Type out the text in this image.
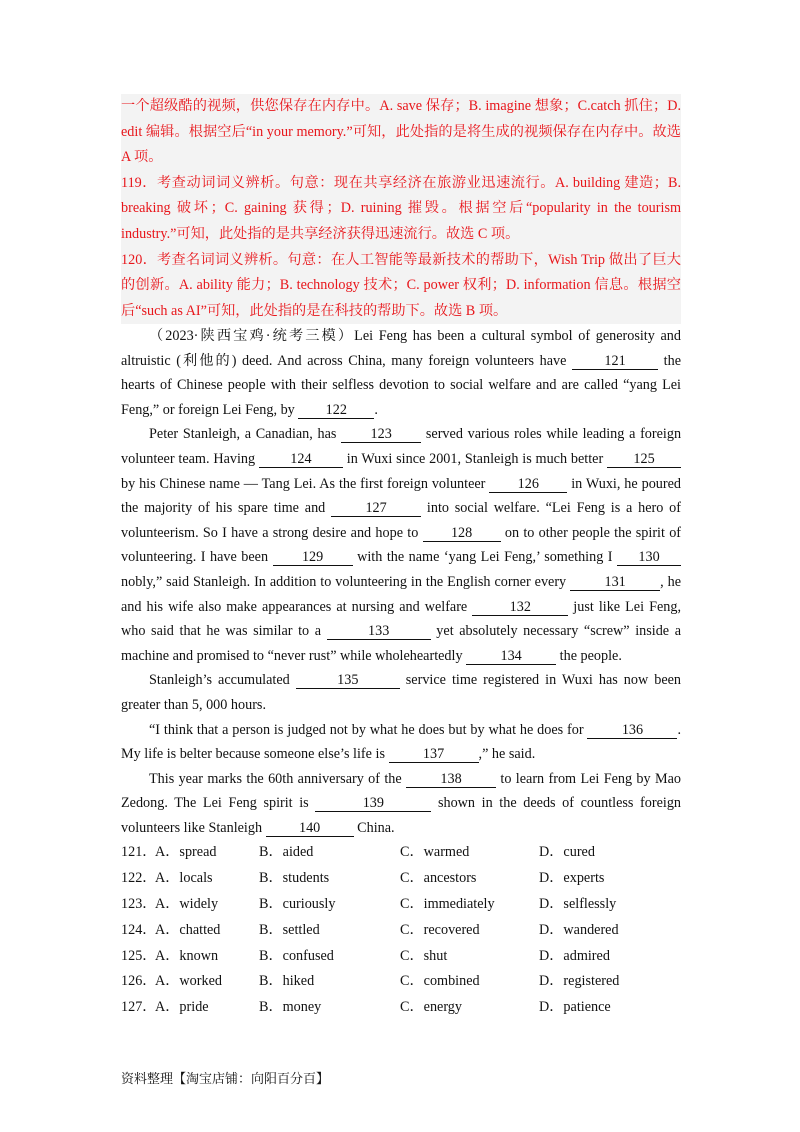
一个超级酷的视频，供您保存在内存中。A. save 保存；B. imagine 想象；C.catch 抓住；D. edit 编辑。根据空后“in your memory.”可知，此处指的是将生成的视频保存在内存中。故选 A 项。

119．考查动词词义辨析。句意：现在共享经济在旅游业迅速流行。A. building 建造；B. breaking 破坏；C. gaining 获得；D. ruining 摧毁。根据空后“popularity in the tourism industry.”可知，此处指的是共享经济获得迅速流行。故选 C 项。

120．考查名词词义辨析。句意：在人工智能等最新技术的帮助下，Wish Trip 做出了巨大的创新。A. ability 能力；B. technology 技术；C. power 权利；D. information 信息。根据空后“such as AI”可知，此处指的是在科技的帮助下。故选 B 项。

（2023·陕西宝鸡·统考三模）Lei Feng has been a cultural symbol of generosity and altruistic (利他的) deed. And across China, many foreign volunteers have	121	the hearts of Chinese people with their selfless devotion to social welfare and are called “yang Lei Feng,” or foreign Lei Feng, by 122 .

Peter Stanleigh, a Canadian, has 123 served various roles while leading a foreign volunteer team. Having 124 in Wuxi since 2001, Stanleigh is much better 125 by his Chinese name — Tang Lei. As the first foreign volunteer 126 in Wuxi, he poured the majority of his spare time and	127	into social welfare. “Lei Feng is a hero of volunteerism. So I have a strong desire and hope to 128 on to other people the spirit of volunteering. I have been 129 with the name ‘yang Lei Feng,’ something I 130 nobly,” said Stanleigh. In addition to volunteering in the English corner every	131 , he and his wife also make appearances at nursing and welfare	132	just like Lei Feng, who said that he was similar to a	133	yet absolutely necessary “screw” inside a machine and promised to “never rust” while wholeheartedly	134	the people.

Stanleigh’s accumulated	135	service time registered in Wuxi has now been greater than 5, 000 hours.

“I think that a person is judged not by what he does but by what he does for	136 . My life is belter because someone else’s life is	137 ,” he said.

This year marks the 60th anniversary of the	138	to learn from Lei Feng by Mao Zedong. The Lei Feng spirit is	139	shown in the deeds of countless foreign volunteers like Stanleigh	140	China.

121．
A．spread	B．aided	C．warmed	D．cured
122．
A．locals	B．students	C．ancestors	D．experts
123．
A．widely	B．curiously	C．immediately	D．selflessly
124．
A．chatted	B．settled	C．recovered	D．wandered
125．
A．known	B．confused	C．shut	D．admired
126．
A．worked	B．hiked	C．combined	D．registered
127．
A．pride	B．money	C．energy	D．patience
资料整理【淘宝店铺：向阳百分百】
